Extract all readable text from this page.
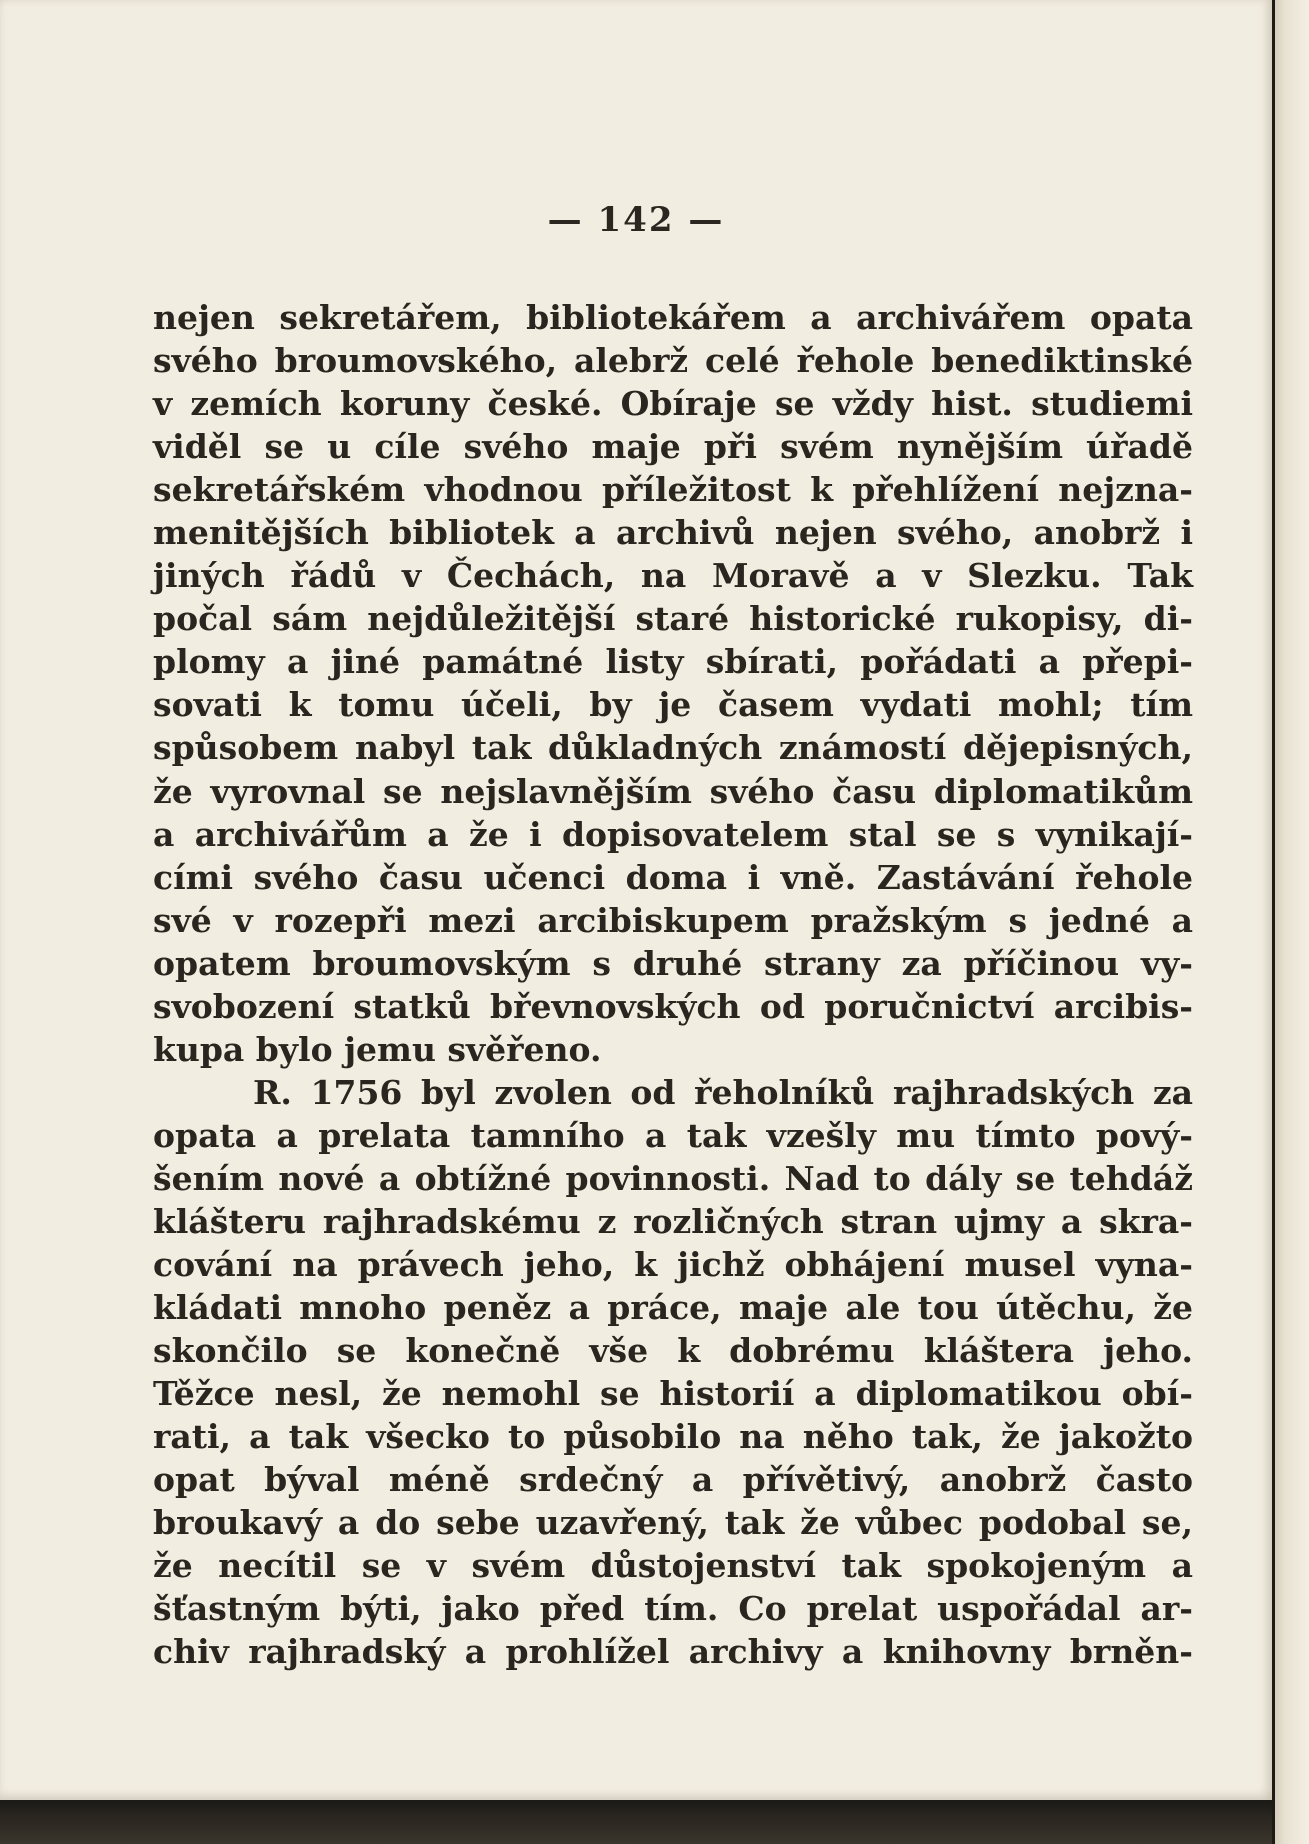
— 142 —
nejen sekretářem, bibliotekářem a archivářem opata
svého broumovského, alebrž celé řehole benediktinské
v zemích koruny české. Obíraje se vždy hist. studiemi
viděl se u cíle svého maje při svém nynějším úřadě
sekretářském vhodnou příležitost k přehlížení nejzna-
menitějších bibliotek a archivů nejen svého, anobrž i
jiných řádů v Čechách, na Moravě a v Slezku. Tak
počal sám nejdůležitější staré historické rukopisy, di-
plomy a jiné památné listy sbírati, pořádati a přepi-
sovati k tomu účeli, by je časem vydati mohl; tím
spůsobem nabyl tak důkladných známostí dějepisných,
že vyrovnal se nejslavnějším svého času diplomatikům
a archivářům a že i dopisovatelem stal se s vynikají-
cími svého času učenci doma i vně. Zastávání řehole
své v rozepři mezi arcibiskupem pražským s jedné a
opatem broumovským s druhé strany za příčinou vy-
svobození statků břevnovských od poručnictví arcibis-
kupa bylo jemu svěřeno.
R. 1756 byl zvolen od řeholníků rajhradských za
opata a prelata tamního a tak vzešly mu tímto pový-
šením nové a obtížné povinnosti. Nad to dály se tehdáž
klášteru rajhradskému z rozličných stran ujmy a skra-
cování na právech jeho, k jichž obhájení musel vyna-
kládati mnoho peněz a práce, maje ale tou útěchu, že
skončilo se konečně vše k dobrému kláštera jeho.
Těžce nesl, že nemohl se historií a diplomatikou obí-
rati, a tak všecko to působilo na něho tak, že jakožto
opat býval méně srdečný a přívětivý, anobrž často
broukavý a do sebe uzavřený, tak že vůbec podobal se,
že necítil se v svém důstojenství tak spokojeným a
šťastným býti, jako před tím. Co prelat uspořádal ar-
chiv rajhradský a prohlížel archivy a knihovny brněn-
